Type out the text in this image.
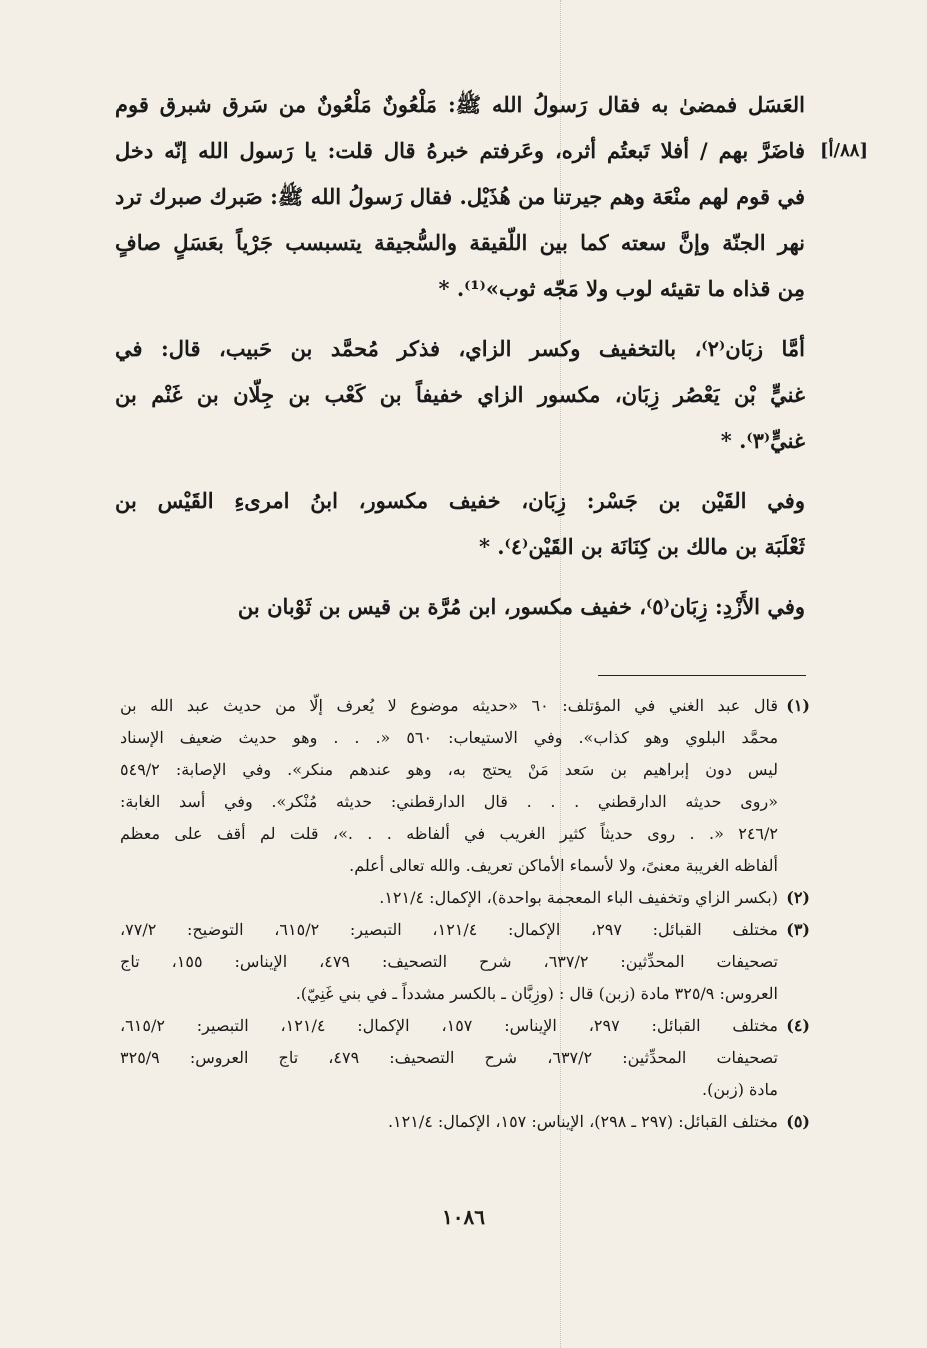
[٨٨/أ]
العَسَل فمضىٰ به فقال رَسولُ الله ﷺ: مَلْعُونٌ مَلْعُونٌ من سَرق شبرق قوم
فاضَرَّ بهم / أفلا تَبعتُم أثره، وعَرفتم خبرهُ قال قلت: يا رَسول الله إنّه دخل
في قوم لهم منْعَة وهم جيرتنا من هُذَيْل. فقال رَسولُ الله ﷺ: صَبرك صبرك ترد
نهر الجنّة وإنَّ سعته كما بين اللّقيقة والسُّجيقة يتسبسب جَرْياً بعَسَلٍ صافٍ
مِن قذاه ما تقيئه لوب ولا مَجّه ثوب»⁽¹⁾. *
أمَّا زبَان⁽٢⁾، بالتخفيف وكسر الزاي، فذكر مُحمَّد بن حَبيب، قال: في
غنيٍّ بْن يَعْصُر زِبَان، مكسور الزاي خفيفاً بن كَعْب بن جِلّان بن غَنْم بن
غنيٍّ⁽٣⁾. *
وفي القَيْن بن جَسْر: زِبَان، خفيف مكسور، ابنُ امرىءِ القَيْس بن
ثَعْلَبَة بن مالك بن كِنَانَة بن القَيْن⁽٤⁾. *
وفي الأَزْدِ: زِبَان⁽٥⁾، خفيف مكسور، ابن مُرَّة بن قيس بن ثَوْبان بن
(١)
قال عبد الغني في المؤتلف: ٦٠ «حديثه موضوع لا يُعرف إلّا من حديث عبد الله بن
محمَّد البلوي وهو كذاب». وفي الاستيعاب: ٥٦٠ «. . . وهو حديث ضعيف الإسناد
ليس دون إبراهيم بن سَعد مَنْ يحتج به، وهو عندهم منكر». وفي الإصابة: ٥٤٩/٢
«روى حديثه الدارقطني . . . قال الدارقطني: حديثه مُنْكر». وفي أسد الغابة:
٢٤٦/٢ «. . روى حديثاً كثير الغريب في ألفاظه . . .»، قلت لم أقف على معظم
ألفاظه الغريبة معنىً، ولا لأسماء الأماكن تعريف. والله تعالى أعلم.
(٢)
(بكسر الزاي وتخفيف الباء المعجمة بواحدة)، الإكمال: ١٢١/٤.
(٣)
مختلف القبائل: ٢٩٧، الإكمال: ١٢١/٤، التبصير: ٦١٥/٢، التوضيح: ٧٧/٢،
تصحيفات المحدِّثين: ٦٣٧/٢، شرح التصحيف: ٤٧٩، الإيناس: ١٥٥، تاج
العروس: ٣٢٥/٩ مادة (زبن) قال : (وزِبَّان ـ بالكسر مشدداً ـ في بني غَنِيّ).
(٤)
مختلف القبائل: ٢٩٧، الإيناس: ١٥٧، الإكمال: ١٢١/٤، التبصير: ٦١٥/٢،
تصحيفات المحدِّثين: ٦٣٧/٢، شرح التصحيف: ٤٧٩، تاج العروس: ٣٢٥/٩
مادة (زبن).
(٥)
مختلف القبائل: (٢٩٧ ـ ٢٩٨)، الإيناس: ١٥٧، الإكمال: ١٢١/٤.
١٠٨٦
